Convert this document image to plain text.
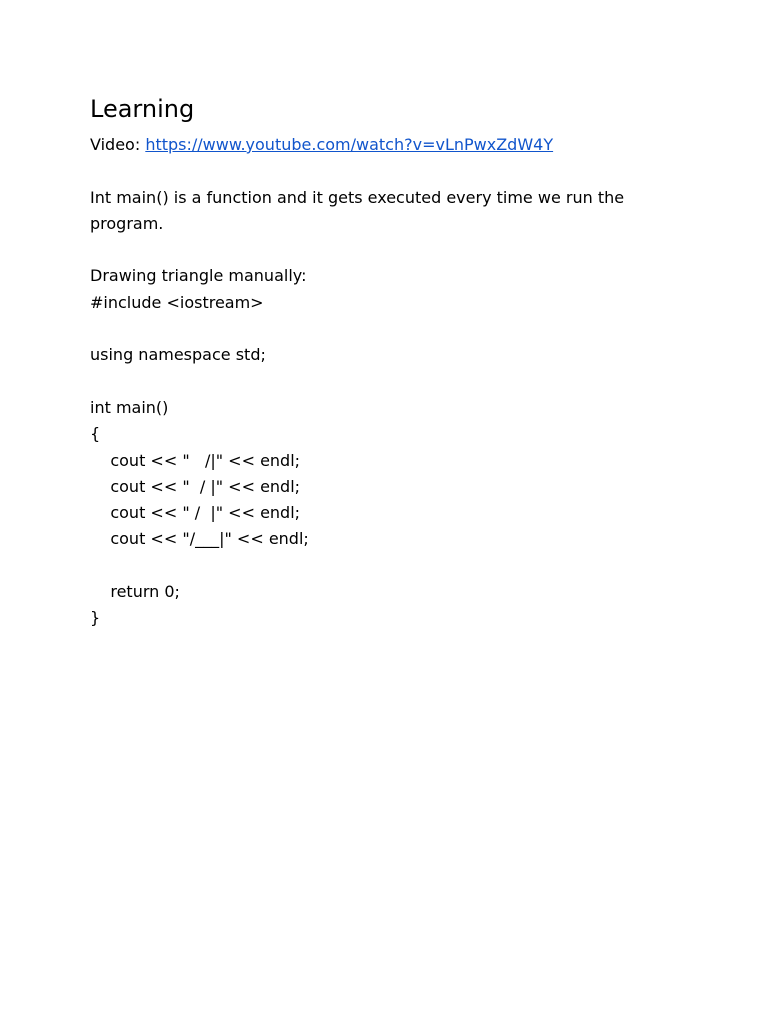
Learning
Video: https://www.youtube.com/watch?v=vLnPwxZdW4Y
Int main() is a function and it gets executed every time we run the program.
Drawing triangle manually:
#include <iostream>
using namespace std;
int main()
{
cout << "   /|" << endl;
cout << "  / |" << endl;
cout << " /  |" << endl;
cout << "/___|" << endl;
return 0;
}
